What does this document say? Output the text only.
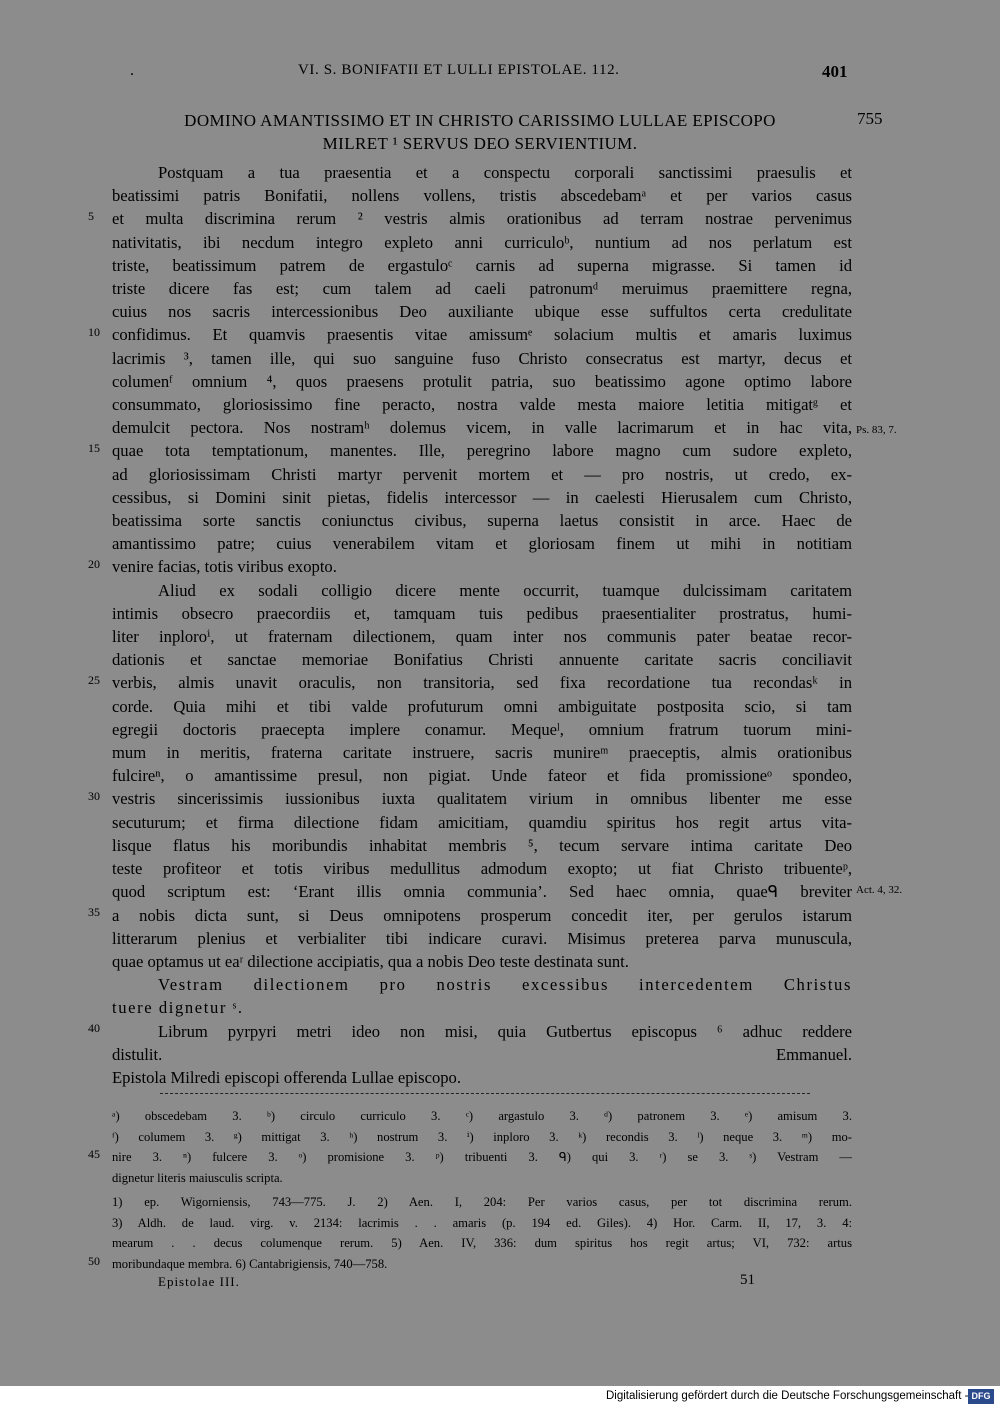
.	VI. S. BONIFATII ET LULLI EPISTOLAE. 112.	401
DOMINO AMANTISSIMO ET IN CHRISTO CARISSIMO LULLAE EPISCOPO
MILRET ¹ SERVUS DEO SERVIENTIUM.
755
Postquam a tua praesentia et a conspectu corporali sanctissimi praesulis et
beatissimi patris Bonifatii, nollens vollens, tristis abscedebamᵃ et per varios casus
et multa discrimina rerum ² vestris almis orationibus ad terram nostrae pervenimus
nativitatis, ibi necdum integro expleto anni curriculoᵇ, nuntium ad nos perlatum est
triste, beatissimum patrem de ergastuloᶜ carnis ad superna migrasse. Si tamen id
triste dicere fas est; cum talem ad caeli patronumᵈ meruimus praemittere regna,
cuius nos sacris intercessionibus Deo auxiliante ubique esse suffultos certa credulitate
confidimus. Et quamvis praesentis vitae amissumᵉ solacium multis et amaris luximus
lacrimis ³, tamen ille, qui suo sanguine fuso Christo consecratus est martyr, decus et
columenᶠ omnium ⁴, quos praesens protulit patria, suo beatissimo agone optimo labore
consummato, gloriosissimo fine peracto, nostra valde mesta maiore letitia mitigatᵍ et
demulcit pectora. Nos nostramʰ dolemus vicem, in valle lacrimarum et in hac vita,
quae tota temptationum, manentes. Ille, peregrino labore magno cum sudore expleto,
ad gloriosissimam Christi martyr pervenit mortem et — pro nostris, ut credo, ex-
cessibus, si Domini sinit pietas, fidelis intercessor — in caelesti Hierusalem cum Christo,
beatissima sorte sanctis coniunctus civibus, superna laetus consistit in arce. Haec de
amantissimo patre; cuius venerabilem vitam et gloriosam finem ut mihi in notitiam
venire facias, totis viribus exopto.
Aliud ex sodali colligio dicere mente occurrit, tuamque dulcissimam caritatem
intimis obsecro praecordiis et, tamquam tuis pedibus praesentialiter prostratus, humi-
liter inploroⁱ, ut fraternam dilectionem, quam inter nos communis pater beatae recor-
dationis et sanctae memoriae Bonifatius Christi annuente caritate sacris conciliavit
verbis, almis unavit oraculis, non transitoria, sed fixa recordatione tua recondasᵏ in
corde. Quia mihi et tibi valde profuturum omni ambiguitate postposita scio, si tam
egregii doctoris praecepta implere conamur. Mequeˡ, omnium fratrum tuorum mini-
mum in meritis, fraterna caritate instruere, sacris munireᵐ praeceptis, almis orationibus
fulcireⁿ, o amantissime presul, non pigiat. Unde fateor et fida promissioneᵒ spondeo,
vestris sincerissimis iussionibus iuxta qualitatem virium in omnibus libenter me esse
secuturum; et firma dilectione fidam amicitiam, quamdiu spiritus hos regit artus vita-
lisque flatus his moribundis inhabitat membris ⁵, tecum servare intima caritate Deo
teste profiteor et totis viribus medullitus admodum exopto; ut fiat Christo tribuenteᵖ,
quod scriptum est: ‘Erant illis omnia communia’. Sed haec omnia, quaeᑫ breviter
a nobis dicta sunt, si Deus omnipotens prosperum concedit iter, per gerulos istarum
litterarum plenius et verbialiter tibi indicare curavi. Misimus preterea parva munuscula,
quae optamus ut eaʳ dilectione accipiatis, qua a nobis Deo teste destinata sunt.
Vestram dilectionem pro nostris excessibus intercedentem Christus
tuere dignetur ˢ.
Librum pyrpyri metri ideo non misi, quia Gutbertus episcopus ⁶ adhuc reddere
distulit. Emmanuel.
Epistola Milredi episcopi offerenda Lullae episcopo.
5
10
15
20
25
30
35
40
45
50
Ps. 83, 7.
Act. 4, 32.
ᵃ) obscedebam 3. ᵇ) circulo curriculo 3. ᶜ) argastulo 3. ᵈ) patronem 3. ᵉ) amisum 3.
ᶠ) columem 3. ᵍ) mittigat 3. ʰ) nostrum 3. ⁱ) inploro 3. ᵏ) recondis 3. ˡ) neque 3. ᵐ) mo-
nire 3. ⁿ) fulcere 3. ᵒ) promisione 3. ᵖ) tribuenti 3. ᑫ) qui 3. ʳ) se 3. ˢ) Vestram —
dignetur literis maiusculis scripta.
1) ep. Wigorniensis, 743—775. J. 2) Aen. I, 204: Per varios casus, per tot discrimina rerum.
3) Aldh. de laud. virg. v. 2134: lacrimis . . amaris (p. 194 ed. Giles). 4) Hor. Carm. II, 17, 3. 4:
mearum . . decus columenque rerum. 5) Aen. IV, 336: dum spiritus hos regit artus; VI, 732: artus
moribundaque membra. 6) Cantabrigiensis, 740—758.
Epistolae III.	51
Digitalisierung gefördert durch die Deutsche Forschungsgemeinschaft - DFG
